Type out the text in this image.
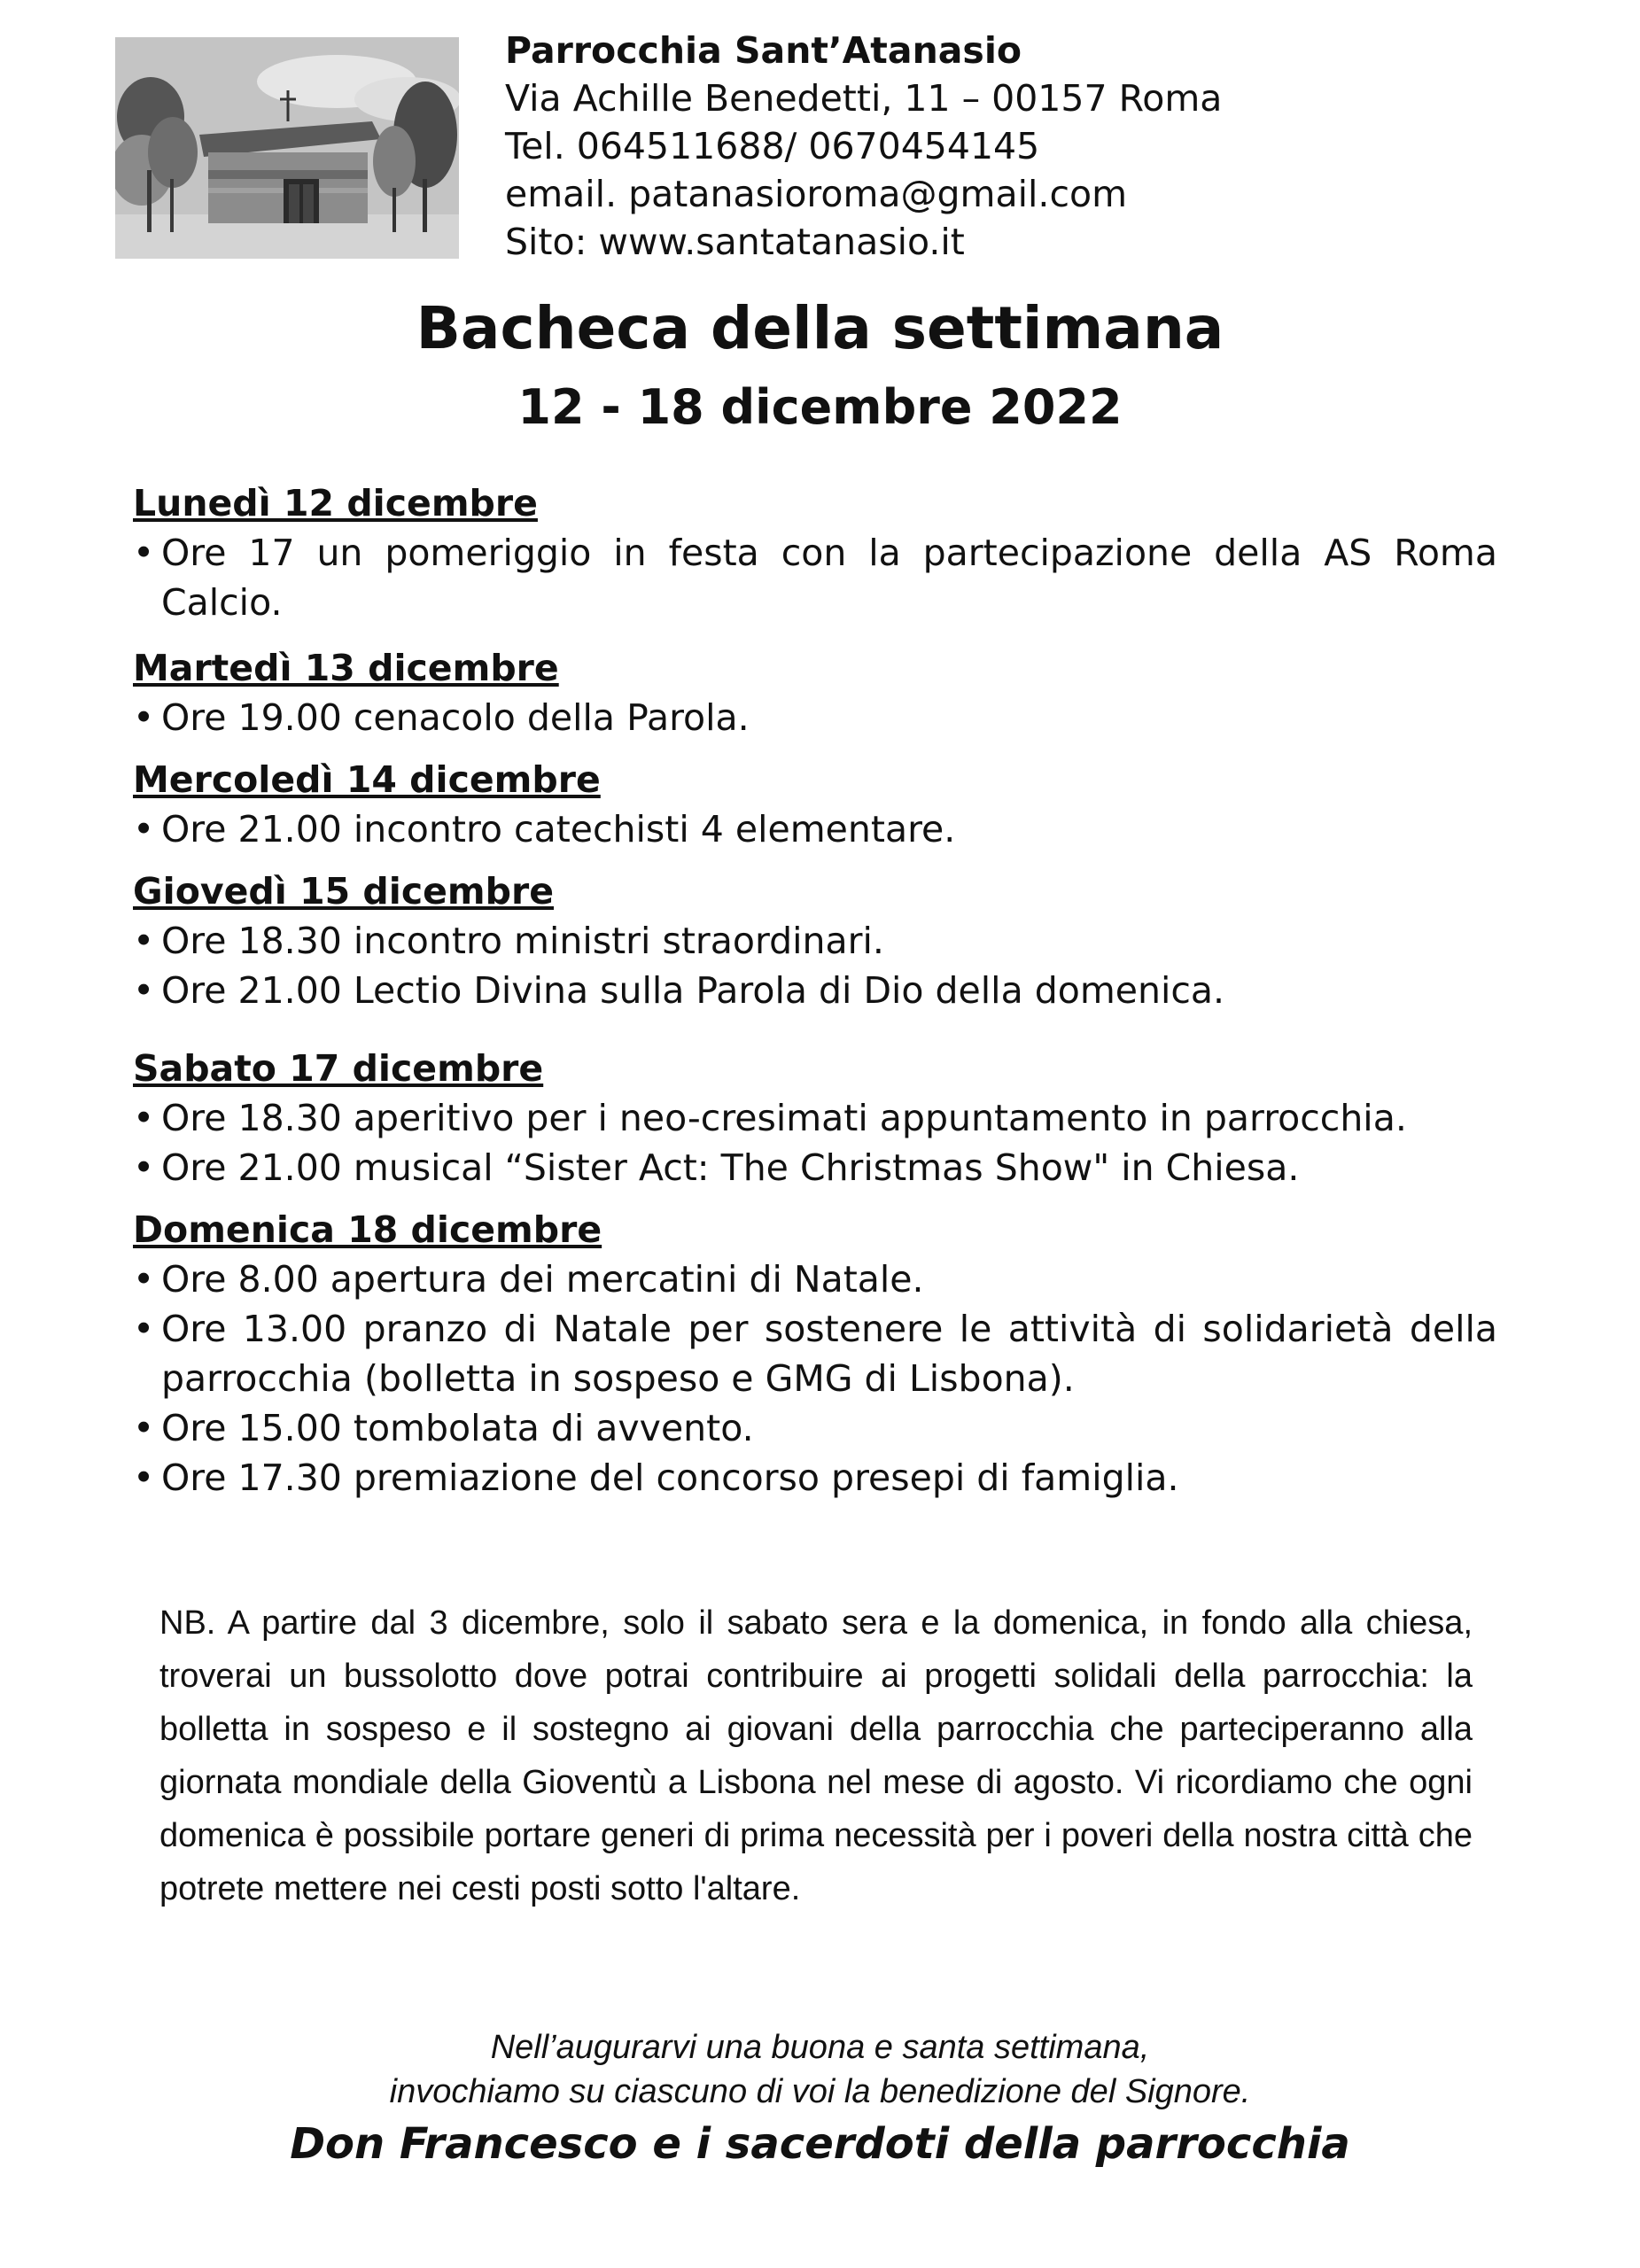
Parrocchia Sant’Atanasio
Via Achille Benedetti, 11 – 00157 Roma
Tel. 064511688/ 0670454145
email. patanasioroma@gmail.com
Sito: www.santatanasio.it
Bacheca della settimana
12 - 18 dicembre 2022
Lunedì 12 dicembre
• Ore 17 un pomeriggio in festa con la partecipazione della AS Roma Calcio.
Martedì 13 dicembre
• Ore 19.00 cenacolo della Parola.
Mercoledì 14 dicembre
• Ore 21.00 incontro catechisti 4 elementare.
Giovedì 15 dicembre
• Ore 18.30 incontro ministri straordinari.
• Ore 21.00 Lectio Divina sulla Parola di Dio della domenica.
Sabato 17 dicembre
• Ore 18.30 aperitivo per i neo-cresimati appuntamento in parrocchia.
• Ore 21.00 musical “Sister Act: The Christmas Show" in Chiesa.
Domenica 18 dicembre
• Ore 8.00 apertura dei mercatini di Natale.
• Ore 13.00 pranzo di Natale per sostenere le attività di solidarietà della parrocchia (bolletta in sospeso e GMG di Lisbona).
• Ore 15.00 tombolata di avvento.
• Ore 17.30 premiazione del concorso presepi di famiglia.
NB. A partire dal 3 dicembre, solo il sabato sera e la domenica, in fondo alla chiesa, troverai un bussolotto dove potrai contribuire ai progetti solidali della parrocchia: la bolletta in sospeso e il sostegno ai giovani della parrocchia che parteciperanno alla giornata mondiale della Gioventù a Lisbona nel mese di agosto. Vi ricordiamo che ogni domenica è possibile portare generi di prima necessità per i poveri della nostra città che potrete mettere nei cesti posti sotto l'altare.
Nell’augurarvi una buona e santa settimana,
invochiamo su ciascuno di voi la benedizione del Signore.
Don Francesco e i sacerdoti della parrocchia
